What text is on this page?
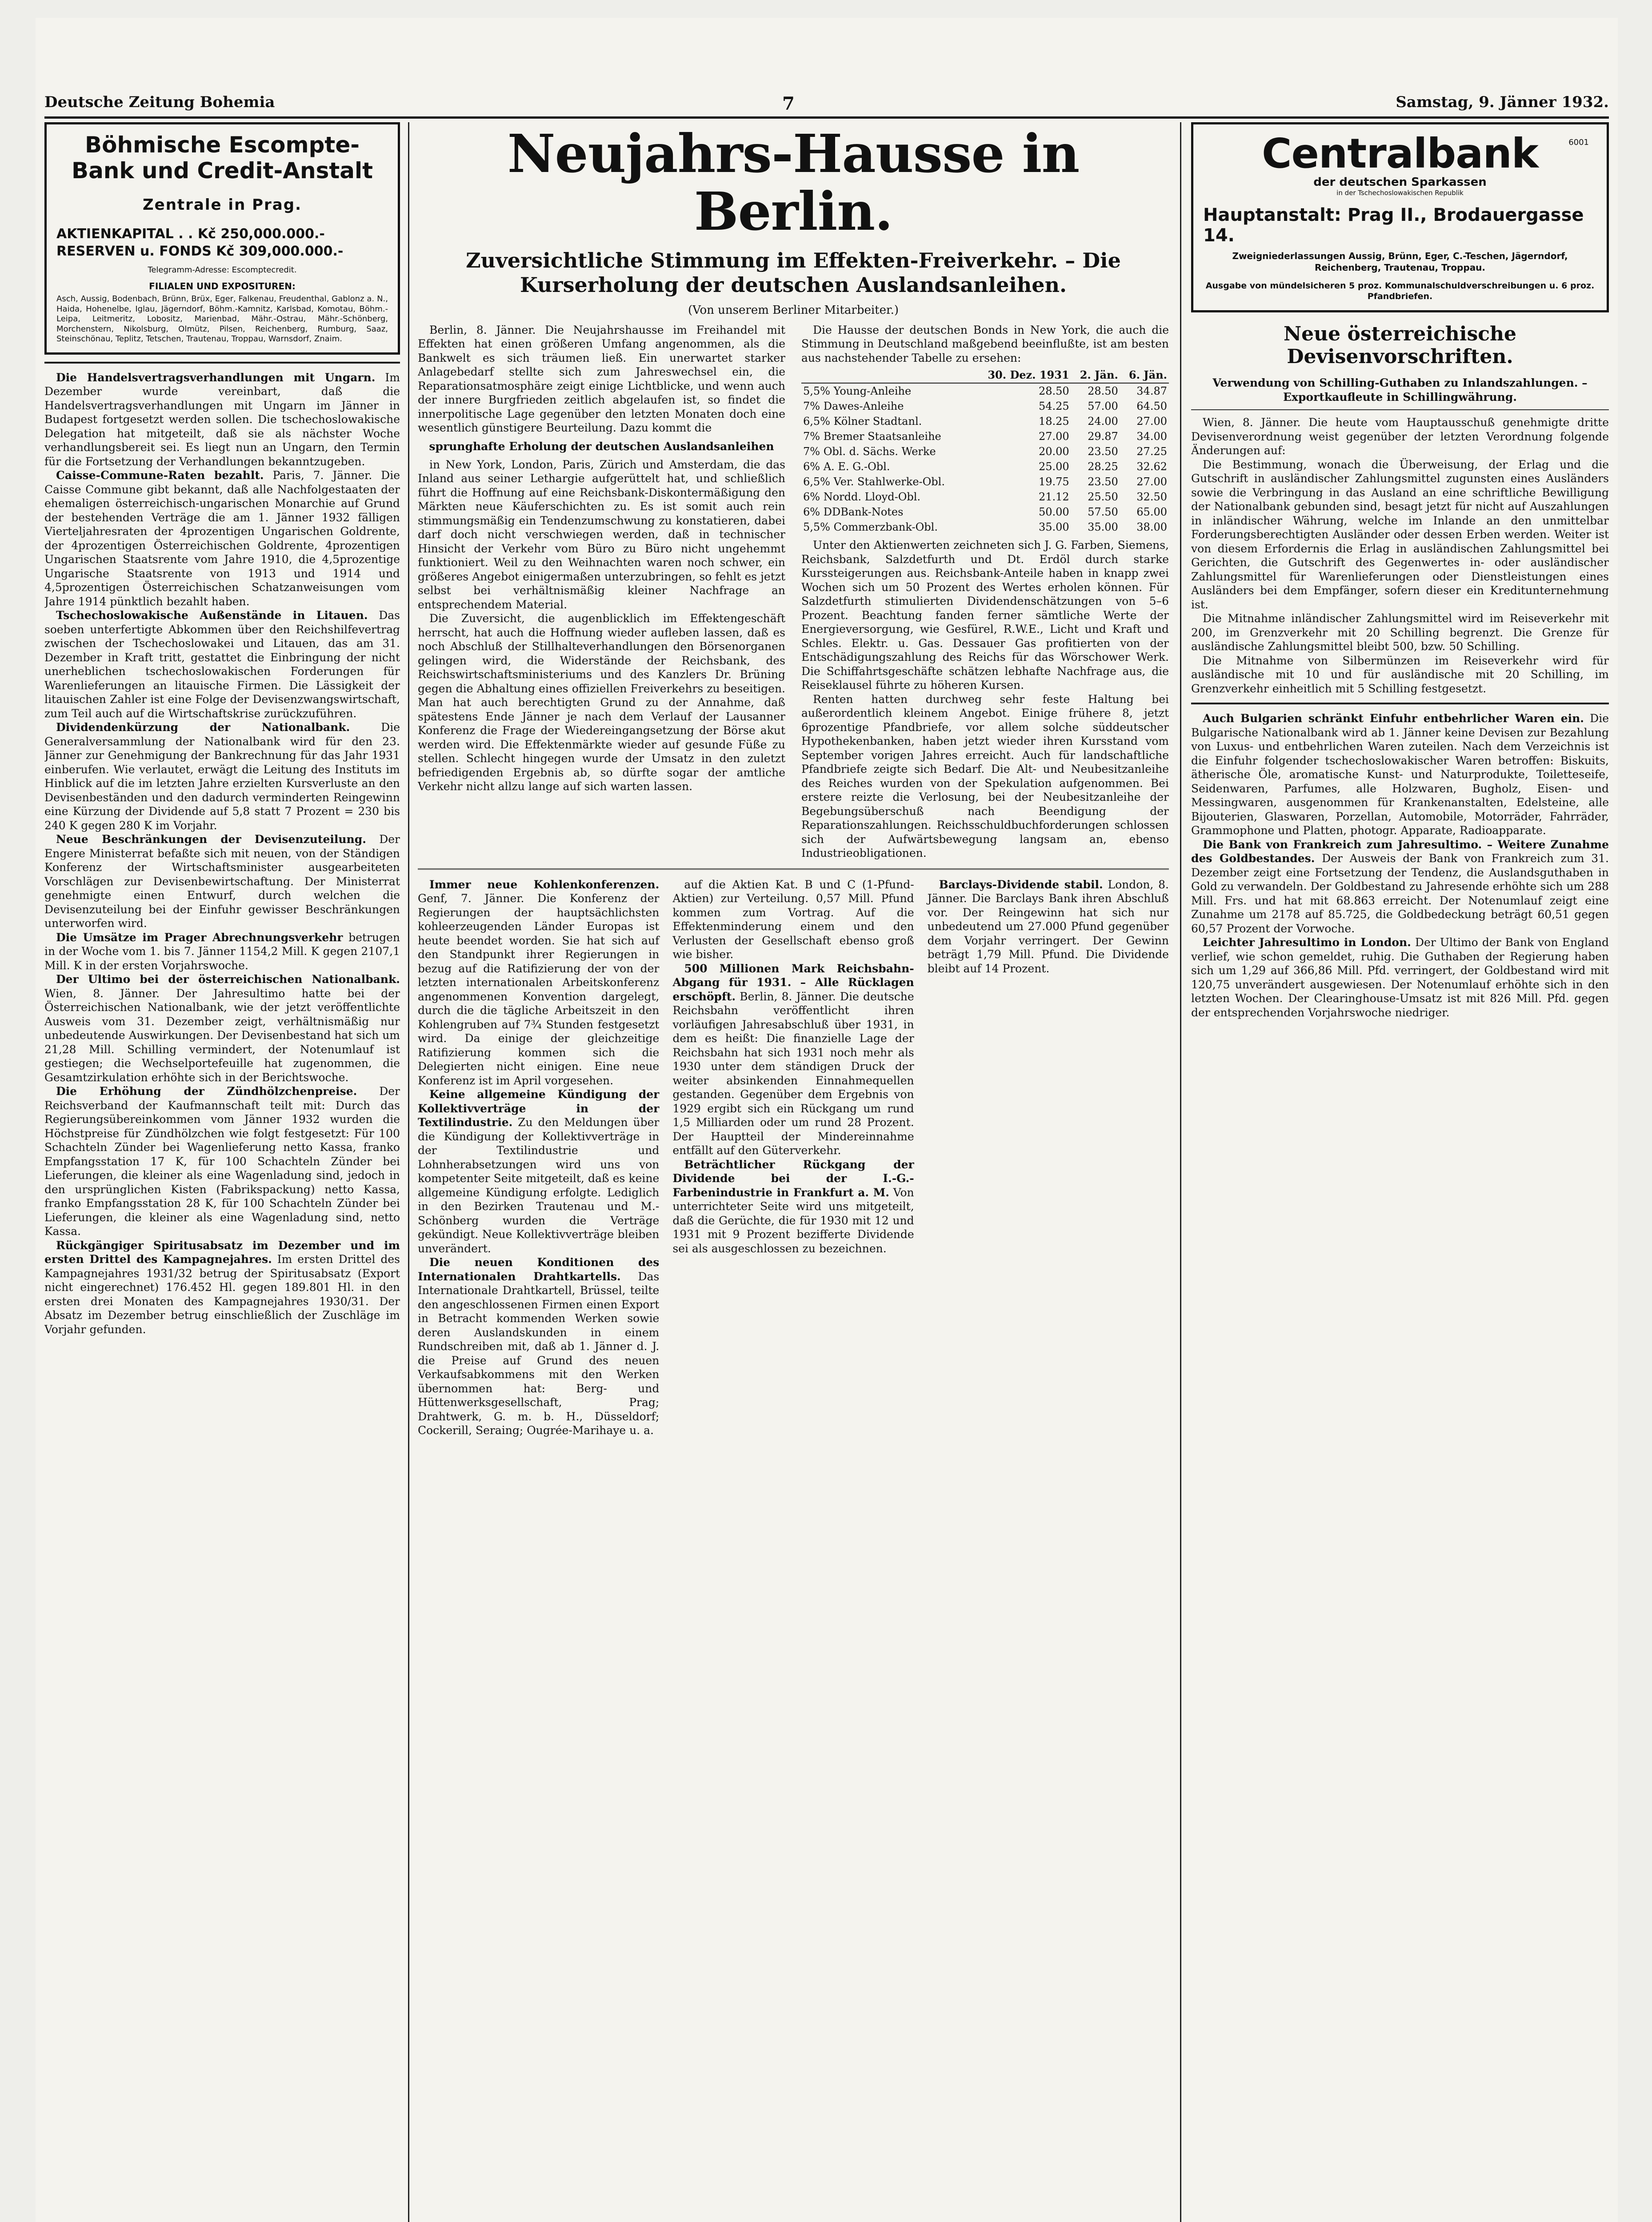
Deutsche Zeitung Bohemia	7	Samstag, 9. Jänner 1932.
Böhmische Escompte-Bank und Credit-Anstalt
Zentrale in Prag.
AKTIENKAPITAL . . Kč 250,000.000.-
RESERVEN u. FONDS Kč 309,000.000.-
Telegramm-Adresse: Escomptecredit.
FILIALEN UND EXPOSITUREN:
Asch, Aussig, Bodenbach, Brünn, Brüx, Eger, Falkenau, Freudenthal, Gablonz a. N., Haida, Hohenelbe, Iglau, Jägerndorf, Böhm.-Kamnitz, Karlsbad, Komotau, Böhm.-Leipa, Leitmeritz, Lobositz, Marienbad, Mähr.-Ostrau, Mähr.-Schönberg, Morchenstern, Nikolsburg, Olmütz, Pilsen, Reichenberg, Rumburg, Saaz, Steinschönau, Teplitz, Tetschen, Trautenau, Troppau, Warnsdorf, Znaim.

Die Handelsvertragsverhandlungen mit Ungarn. Im Dezember wurde vereinbart, daß die Handelsvertragsverhandlungen mit Ungarn im Jänner in Budapest fortgesetzt werden sollen. Die tschechoslowakische Delegation hat mitgeteilt, daß sie als nächster Woche verhandlungsbereit sei. Es liegt nun an Ungarn, den Termin für die Fortsetzung der Verhandlungen bekanntzugeben.

Caisse-Commune-Raten bezahlt. Paris, 7. Jänner. Die Caisse Commune gibt bekannt, daß alle Nachfolgestaaten der ehemaligen österreichisch-ungarischen Monarchie auf Grund der bestehenden Verträge die am 1. Jänner 1932 fälligen Vierteljahresraten der 4prozentigen Ungarischen Goldrente, der 4prozentigen Österreichischen Goldrente, 4prozentigen Ungarischen Staatsrente vom Jahre 1910, die 4,5prozentige Ungarische Staatsrente von 1913 und 1914 und 4,5prozentigen Österreichischen Schatzanweisungen vom Jahre 1914 pünktlich bezahlt haben.

Tschechoslowakische Außenstände in Litauen. Das soeben unterfertigte Abkommen über den Reichshilfevertrag zwischen der Tschechoslowakei und Litauen, das am 31. Dezember in Kraft tritt, gestattet die Einbringung der nicht unerheblichen tschechoslowakischen Forderungen für Warenlieferungen an litauische Firmen. Die Lässigkeit der litauischen Zahler ist eine Folge der Devisenzwangswirtschaft, zum Teil auch auf die Wirtschaftskrise zurückzuführen.

Dividendenkürzung der Nationalbank.	Die Generalversammlung der Nationalbank wird für den 23. Jänner zur Genehmigung der Bankrechnung für das Jahr 1931 einberufen. Wie verlautet, erwägt die Leitung des Instituts im Hinblick auf die im letzten Jahre erzielten Kursverluste an den Devisenbeständen und den dadurch verminderten Reingewinn eine Kürzung der Dividende auf 5,8 statt 7 Prozent = 230 bis 240 K gegen 280 K im Vorjahr.

Neue Beschränkungen der Devisenzuteilung. Der Engere Ministerrat befaßte sich mit neuen, von der Ständigen Konferenz der Wirtschaftsminister ausgearbeiteten Vorschlägen zur Devisenbewirtschaftung. Der Ministerrat genehmigte einen Entwurf, durch welchen die Devisenzuteilung bei der Einfuhr gewisser Beschränkungen unterworfen wird.

Die Umsätze im Prager Abrechnungsverkehr betrugen in der Woche vom 1. bis 7. Jänner 1154,2 Mill. K gegen 2107,1 Mill. K in der ersten Vorjahrswoche.

Der Ultimo bei der österreichischen Nationalbank. Wien, 8. Jänner. Der Jahresultimo hatte bei der Österreichischen Nationalbank, wie der jetzt veröffentlichte Ausweis vom 31. Dezember zeigt, verhältnismäßig nur unbedeutende Auswirkungen. Der Devisenbestand hat sich um 21,28 Mill. Schilling vermindert, der Notenumlauf ist gestiegen; die Wechselportefeuille hat zugenommen, die Gesamtzirkulation erhöhte sich in der Berichtswoche.

Die Erhöhung der Zündhölzchenpreise. Der Reichsverband der Kaufmannschaft teilt mit: Durch das Regierungsübereinkommen vom Jänner 1932 wurden die Höchstpreise für Zündhölzchen wie folgt festgesetzt: Für 100 Schachteln Zünder bei Wagenlieferung netto Kassa, franko Empfangsstation 17 K, für 100 Schachteln Zünder bei Lieferungen, die kleiner als eine Wagenladung sind, jedoch in den ursprünglichen Kisten (Fabrikspackung) netto Kassa, franko Empfangsstation 28 K, für 100 Schachteln Zünder bei Lieferungen, die kleiner als eine Wagenladung sind, netto Kassa.

Rückgängiger Spiritusabsatz im Dezember und im ersten Drittel des Kampagnejahres. Im ersten Drittel des Kampagnejahres 1931/32 betrug der Spiritusabsatz (Export nicht eingerechnet) 176.452 Hl. gegen 189.801 Hl. in den ersten drei Monaten des Kampagnejahres 1930/31. Der Absatz im Dezember betrug einschließlich der Zuschläge im Vorjahr gefunden.

Neujahrs-Hausse in Berlin.
Zuversichtliche Stimmung im Effekten-Freiverkehr. – Die Kurserholung der deutschen Auslandsanleihen.
(Von unserem Berliner Mitarbeiter.)

Berlin, 8. Jänner. Die Neujahrshausse im Freihandel mit Effekten hat einen größeren Umfang angenommen, als die Bankwelt es sich träumen ließ. Ein unerwartet starker Anlagebedarf stellte sich zum Jahreswechsel ein, die Reparationsatmosphäre zeigt einige Lichtblicke, und wenn auch der innere Burgfrieden zeitlich abgelaufen ist, so findet die innerpolitische Lage gegenüber den letzten Monaten doch eine wesentlich günstigere Beurteilung. Dazu kommt die

sprunghafte Erholung der deutschen Auslandsanleihen

in New York, London, Paris, Zürich und Amsterdam, die das Inland aus seiner Lethargie aufgerüttelt hat, und schließlich führt die Hoffnung auf eine Reichsbank-Diskontermäßigung den Märkten neue Käuferschichten zu. Es ist somit auch rein stimmungsmäßig ein Tendenzumschwung zu konstatieren, dabei darf doch nicht verschwiegen werden, daß in technischer Hinsicht der Verkehr vom Büro zu Büro nicht ungehemmt funktioniert. Weil zu den Weihnachten waren noch schwer, ein größeres Angebot einigermaßen unterzubringen, so fehlt es jetzt selbst bei verhältnismäßig kleiner Nachfrage an entsprechendem Material.

Die Zuversicht, die augenblicklich im Effektengeschäft herrscht, hat auch die Hoffnung wieder aufleben lassen, daß es noch Abschluß der Stillhalteverhandlungen den Börsenorganen gelingen wird, die Widerstände der Reichsbank, des Reichswirtschaftsministeriums und des Kanzlers Dr. Brüning gegen die Abhaltung eines offiziellen Freiverkehrs zu beseitigen. Man hat auch berechtigten Grund zu der Annahme, daß spätestens Ende Jänner je nach dem Verlauf der Lausanner Konferenz die Frage der Wiedereingangsetzung der Börse akut werden wird. Die Effektenmärkte wieder auf gesunde Füße zu stellen. Schlecht hingegen wurde der Umsatz in den zuletzt befriedigenden Ergebnis ab, so dürfte sogar der amtliche Verkehr nicht allzu lange auf sich warten lassen.

Die Hausse der deutschen Bonds in New York, die auch die Stimmung in Deutschland maßgebend beeinflußte, ist am besten aus nachstehender Tabelle zu ersehen:

	30. Dez. 1931	2. Jän.	6. Jän.
5,5% Young-Anleihe	28.50	28.50	34.87
7% Dawes-Anleihe	54.25	57.00	64.50
6,5% Kölner Stadtanl.	18.25	24.00	27.00
7% Bremer Staatsanleihe	27.00	29.87	34.00
7% Obl. d. Sächs. Werke	20.00	23.50	27.25
6% A. E. G.-Obl.	25.00	28.25	32.62
6,5% Ver. Stahlwerke-Obl.	19.75	23.50	27.00
6% Nordd. Lloyd-Obl.	21.12	25.50	32.50
6% DDBank-Notes	50.00	57.50	65.00
5,5% Commerzbank-Obl.	35.00	35.00	38.00

Unter den Aktienwerten zeichneten sich J. G. Farben, Siemens, Reichsbank, Salzdetfurth und Dt. Erdöl durch starke Kurssteigerungen aus. Reichsbank-Anteile haben in knapp zwei Wochen sich um 50 Prozent des Wertes erholen können. Für Salzdetfurth stimulierten Dividendenschätzungen von 5–6 Prozent. Beachtung fanden ferner sämtliche Werte der Energieversorgung, wie Gesfürel, R.W.E., Licht und Kraft und Schles. Elektr. u. Gas. Dessauer Gas profitierten von der Entschädigungszahlung des Reichs für das Wörschower Werk. Die Schiffahrtsgeschäfte schätzen lebhafte Nachfrage aus, die Reiseklausel führte zu höheren Kursen.

Renten hatten durchweg sehr feste Haltung bei außerordentlich kleinem Angebot. Einige frühere 8, jetzt 6prozentige Pfandbriefe, vor allem solche süddeutscher Hypothekenbanken, haben jetzt wieder ihren Kursstand vom September vorigen Jahres erreicht. Auch für landschaftliche Pfandbriefe zeigte sich Bedarf. Die Alt- und Neubesitzanleihe des Reiches wurden von der Spekulation aufgenommen. Bei erstere reizte die Verlosung, bei der Neubesitzanleihe der Begebungsüberschuß nach Beendigung der Reparationszahlungen. Reichsschuldbuchforderungen schlossen sich der Aufwärtsbewegung langsam an, ebenso Industrieobligationen.

Immer neue Kohlenkonferenzen. Genf, 7. Jänner. Die Konferenz der Regierungen der hauptsächlichsten kohleerzeugenden Länder Europas ist heute beendet worden. Sie hat sich auf den Standpunkt ihrer Regierungen in bezug auf die Ratifizierung der von der letzten internationalen Arbeitskonferenz angenommenen Konvention dargelegt, durch die die tägliche Arbeitszeit in den Kohlengruben auf 7¾ Stunden festgesetzt wird. Da einige der gleichzeitige Ratifizierung kommen sich die Delegierten nicht einigen. Eine neue Konferenz ist im April vorgesehen.

Keine allgemeine Kündigung der Kollektivverträge in der Textilindustrie. Zu den Meldungen über die Kündigung der Kollektivverträge in der Textilindustrie und Lohnherabsetzungen wird uns von kompetenter Seite mitgeteilt, daß es keine allgemeine Kündigung erfolgte. Lediglich in den Bezirken Trautenau und M.-Schönberg wurden die Verträge gekündigt. Neue Kollektivverträge bleiben unverändert.

Die neuen Konditionen des Internationalen Drahtkartells. Das Internationale Drahtkartell, Brüssel, teilte den angeschlossenen Firmen einen Export in Betracht kommenden Werken sowie deren Auslandskunden in einem Rundschreiben mit, daß ab 1. Jänner d. J. die Preise auf Grund des neuen Verkaufsabkommens mit den Werken übernommen hat: Berg- und Hüttenwerksgesellschaft, Prag; Drahtwerk, G. m. b. H., Düsseldorf; Cockerill, Seraing; Ougrée-Marihaye u. a.

auf die Aktien Kat. B und C (1-Pfund-Aktien) zur Verteilung. 0,57 Mill. Pfund kommen zum Vortrag. Auf die Effektenminderung einem und den Verlusten der Gesellschaft ebenso groß wie bisher.

500 Millionen Mark Reichsbahn-Abgang für 1931. – Alle Rücklagen erschöpft. Berlin, 8. Jänner. Die deutsche Reichsbahn veröffentlicht ihren vorläufigen Jahresabschluß über 1931, in dem es heißt: Die finanzielle Lage der Reichsbahn hat sich 1931 noch mehr als 1930 unter dem ständigen Druck der weiter absinkenden Einnahmequellen gestanden. Gegenüber dem Ergebnis von 1929 ergibt sich ein Rückgang um rund 1,5 Milliarden oder um rund 28 Prozent. Der Hauptteil der Mindereinnahme entfällt auf den Güterverkehr.

Beträchtlicher Rückgang der Dividende bei der I.-G.-Farbenindustrie in Frankfurt a. M. Von unterrichteter Seite wird uns mitgeteilt, daß die Gerüchte, die für 1930 mit 12 und 1931 mit 9 Prozent bezifferte Dividende sei als ausgeschlossen zu bezeichnen.

Barclays-Dividende stabil. London, 8. Jänner. Die Barclays Bank ihren Abschluß vor. Der Reingewinn hat sich nur unbedeutend um 27.000 Pfund gegenüber dem Vorjahr verringert. Der Gewinn beträgt 1,79 Mill. Pfund. Die Dividende bleibt auf 14 Prozent.

6001
Centralbank
der deutschen Sparkassen
in der Tschechoslowakischen Republik
Hauptanstalt: Prag II., Brodauergasse 14.
Zweigniederlassungen Aussig, Brünn, Eger, C.-Teschen, Jägerndorf, Reichenberg, Trautenau, Troppau.
Ausgabe von mündelsicheren 5 proz. Kommunalschuldverschreibungen u. 6 proz. Pfandbriefen.
Neue österreichische Devisenvorschriften.

Verwendung von Schilling-Guthaben zu Inlandszahlungen. – Exportkaufleute in Schillingwährung.

Wien, 8. Jänner. Die heute vom Hauptausschuß genehmigte dritte Devisenverordnung weist gegenüber der letzten Verordnung folgende Änderungen auf:

Die Bestimmung, wonach die Überweisung, der Erlag und die Gutschrift in ausländischer Zahlungsmittel zugunsten eines Ausländers sowie die Verbringung in das Ausland an eine schriftliche Bewilligung der Nationalbank gebunden sind, besagt jetzt für nicht auf Auszahlungen in inländischer Währung, welche im Inlande an den unmittelbar Forderungsberechtigten Ausländer oder dessen Erben werden. Weiter ist von diesem Erfordernis die Erlag in ausländischen Zahlungsmittel bei Gerichten, die Gutschrift des Gegenwertes in- oder ausländischer Zahlungsmittel für Warenlieferungen oder Dienstleistungen eines Ausländers bei dem Empfänger, sofern dieser ein Kreditunternehmung ist.

Die Mitnahme inländischer Zahlungsmittel wird im Reiseverkehr mit 200, im Grenzverkehr mit 20 Schilling begrenzt. Die Grenze für ausländische Zahlungsmittel bleibt 500, bzw. 50 Schilling.

Die Mitnahme von Silbermünzen im Reiseverkehr wird für ausländische mit 10 und für ausländische mit 20 Schilling, im Grenzverkehr einheitlich mit 5 Schilling festgesetzt.

Auch Bulgarien schränkt Einfuhr entbehrlicher Waren ein. Die Bulgarische Nationalbank wird ab 1. Jänner keine Devisen zur Bezahlung von Luxus- und entbehrlichen Waren zuteilen. Nach dem Verzeichnis ist die Einfuhr folgender tschechoslowakischer Waren betroffen: Biskuits, ätherische Öle, aromatische Kunst- und Naturprodukte, Toiletteseife, Seidenwaren, Parfumes, alle Holzwaren, Bugholz, Eisen- und Messingwaren, ausgenommen für Krankenanstalten, Edelsteine, alle Bijouterien, Glaswaren, Porzellan, Automobile, Motorräder, Fahrräder, Grammophone und Platten, photogr. Apparate, Radioapparate.

Die Bank von Frankreich zum Jahresultimo. – Weitere Zunahme des Goldbestandes. Der Ausweis der Bank von Frankreich zum 31. Dezember zeigt eine Fortsetzung der Tendenz, die Auslandsguthaben in Gold zu verwandeln. Der Goldbestand zu Jahresende erhöhte sich um 288 Mill. Frs. und hat mit 68.863 erreicht. Der Notenumlauf zeigt eine Zunahme um 2178 auf 85.725, die Goldbedeckung beträgt 60,51 gegen 60,57 Prozent der Vorwoche.

Leichter Jahresultimo in London. Der Ultimo der Bank von England verlief, wie schon gemeldet, ruhig. Die Guthaben der Regierung haben sich um 1,29 auf 366,86 Mill. Pfd. verringert, der Goldbestand wird mit 120,75 unverändert ausgewiesen. Der Notenumlauf erhöhte sich in den letzten Wochen. Der Clearinghouse-Umsatz ist mit 826 Mill. Pfd. gegen der entsprechenden Vorjahrswoche niedriger.
